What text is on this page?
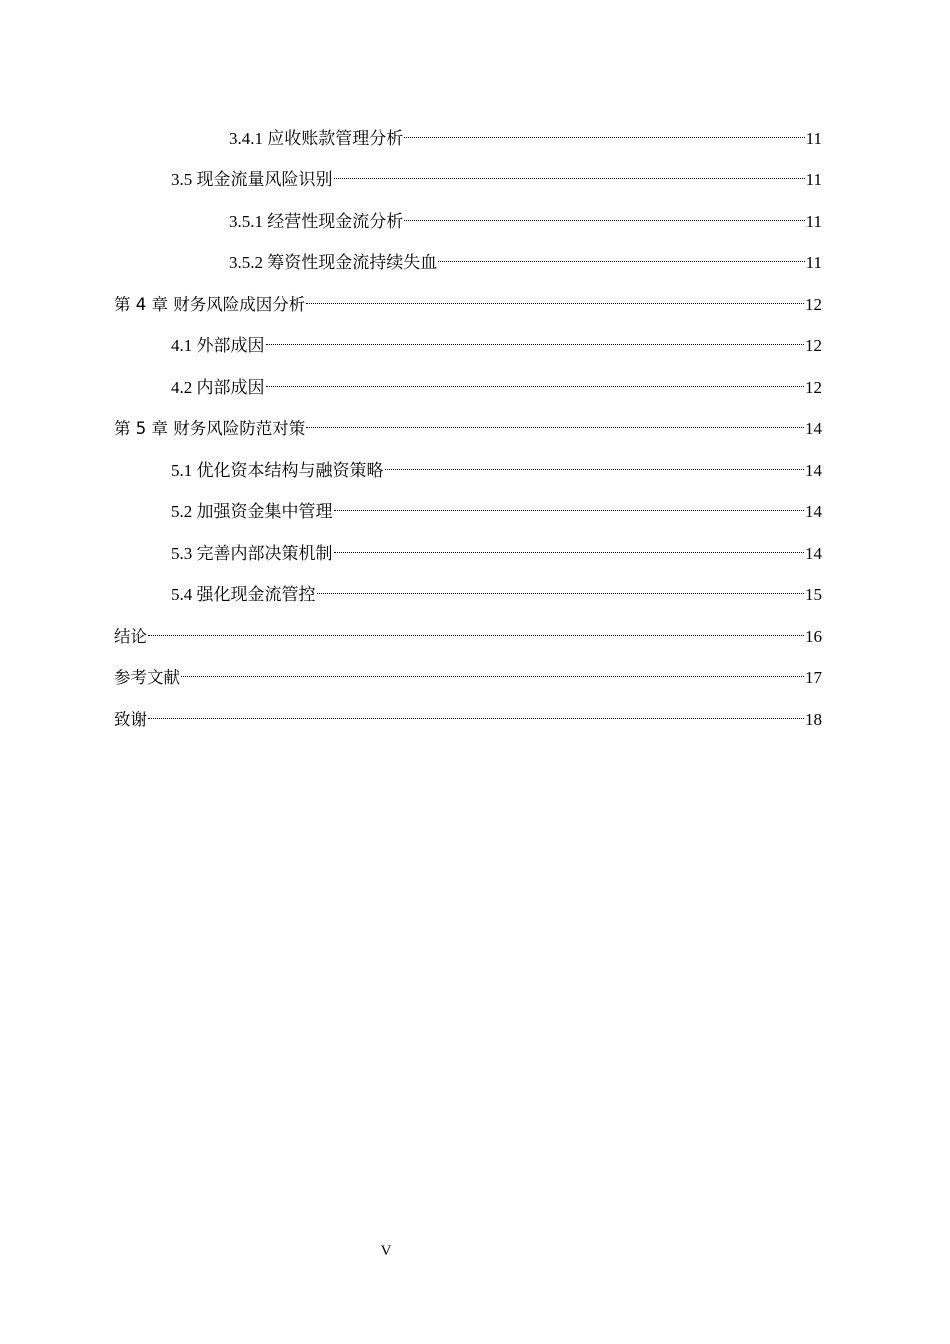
3.4.1 应收账款管理分析	11
3.5 现金流量风险识别	11
3.5.1 经营性现金流分析	11
3.5.2 筹资性现金流持续失血	11
第 4 章 财务风险成因分析	12
4.1 外部成因	12
4.2 内部成因	12
第 5 章 财务风险防范对策	14
5.1 优化资本结构与融资策略	14
5.2 加强资金集中管理	14
5.3 完善内部决策机制	14
5.4 强化现金流管控	15
结论	16
参考文献	17
致谢	18
V
